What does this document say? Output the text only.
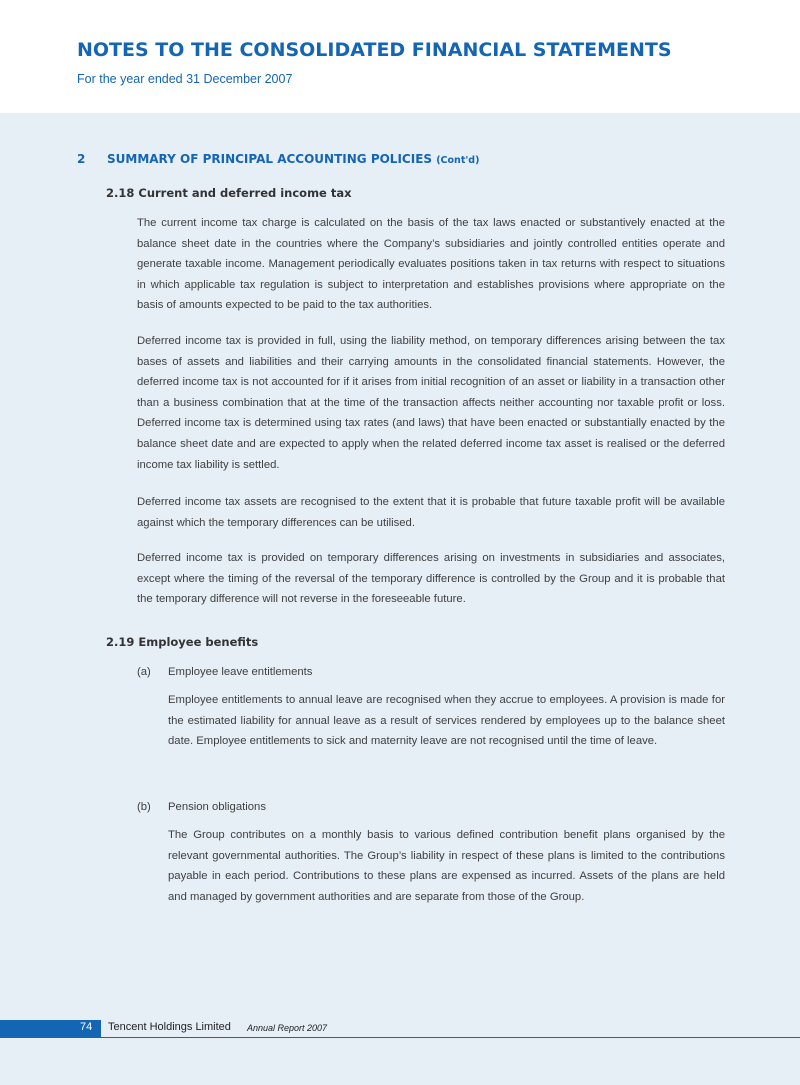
NOTES TO THE CONSOLIDATED FINANCIAL STATEMENTS
For the year ended 31 December 2007
2 SUMMARY OF PRINCIPAL ACCOUNTING POLICIES (Cont'd)
2.18 Current and deferred income tax

The current income tax charge is calculated on the basis of the tax laws enacted or substantively enacted at the balance sheet date in the countries where the Company’s subsidiaries and jointly controlled entities operate and generate taxable income. Management periodically evaluates positions taken in tax returns with respect to situations in which applicable tax regulation is subject to interpretation and establishes provisions where appropriate on the basis of amounts expected to be paid to the tax authorities.

Deferred income tax is provided in full, using the liability method, on temporary differences arising between the tax bases of assets and liabilities and their carrying amounts in the consolidated financial statements. However, the deferred income tax is not accounted for if it arises from initial recognition of an asset or liability in a transaction other than a business combination that at the time of the transaction affects neither accounting nor taxable profit or loss. Deferred income tax is determined using tax rates (and laws) that have been enacted or substantially enacted by the balance sheet date and are expected to apply when the related deferred income tax asset is realised or the deferred income tax liability is settled.

Deferred income tax assets are recognised to the extent that it is probable that future taxable profit will be available against which the temporary differences can be utilised.

Deferred income tax is provided on temporary differences arising on investments in subsidiaries and associates, except where the timing of the reversal of the temporary difference is controlled by the Group and it is probable that the temporary difference will not reverse in the foreseeable future.

2.19 Employee benefits
(a) Employee leave entitlements

Employee entitlements to annual leave are recognised when they accrue to employees. A provision is made for the estimated liability for annual leave as a result of services rendered by employees up to the balance sheet date. Employee entitlements to sick and maternity leave are not recognised until the time of leave.

(b) Pension obligations

The Group contributes on a monthly basis to various defined contribution benefit plans organised by the relevant governmental authorities. The Group’s liability in respect of these plans is limited to the contributions payable in each period. Contributions to these plans are expensed as incurred. Assets of the plans are held and managed by government authorities and are separate from those of the Group.

74 Tencent Holdings Limited Annual Report 2007
